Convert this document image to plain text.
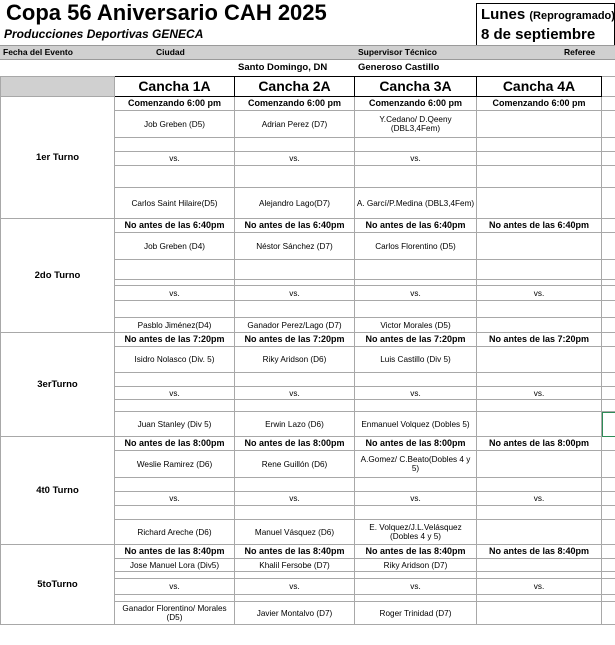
Copa 56 Aniversario CAH 2025
Producciones Deportivas GENECA
Lunes (Reprogramado)
8 de septiembre
Fecha del Evento	Ciudad	Supervisor Técnico	Referee
Santo Domingo, DN	Generoso Castillo
	Cancha 1A	Cancha 2A	Cancha 3A	Cancha 4A	
1er Turno	Comenzando 6:00 pm	Comenzando 6:00 pm	Comenzando 6:00 pm	Comenzando 6:00 pm	
	Job Greben (D5)	Adrian Perez (D7)	Y.Cedano/ D.Qeeny (DBL3,4Fem)		

	vs.	vs.	vs.		

	Carlos Saint Hilaire(D5)	Alejandro Lago(D7)	A. Garcí/P.Medina (DBL3,4Fem)		
2do Turno	No antes de las 6:40pm	No antes de las 6:40pm	No antes de las 6:40pm	No antes de las 6:40pm	
	Job Greben (D4)	Néstor Sánchez (D7)	Carlos Florentino (D5)		

	vs.	vs.	vs.	vs.	

	Pasblo Jiménez(D4)	Ganador Perez/Lago (D7)	Victor Morales (D5)		
3erTurno	No antes de las 7:20pm	No antes de las 7:20pm	No antes de las 7:20pm	No antes de las 7:20pm	
	Isidro Nolasco (Div. 5)	Riky Aridson (D6)	Luis Castillo (Div 5)		

	vs.	vs.	vs.	vs.	

	Juan Stanley (Div 5)	Erwin Lazo (D6)	Enmanuel Volquez (Dobles 5)		
4t0 Turno	No antes de las 8:00pm	No antes de las 8:00pm	No antes de las 8:00pm	No antes de las 8:00pm	
	Weslie Ramirez (D6)	Rene Guillón (D6)	A.Gomez/ C.Beato(Dobles 4 y 5)		

	vs.	vs.	vs.	vs.	

	Richard Areche (D6)	Manuel Vásquez (D6)	E. Volquez/J.L.Velásquez (Dobles 4 y 5)		
5toTurno	No antes de las 8:40pm	No antes de las 8:40pm	No antes de las 8:40pm	No antes de las 8:40pm	
	Jose Manuel Lora (Div5)	Khalil Fersobe (D7)	Riky Aridson (D7)		

	vs.	vs.	vs.	vs.	

	Ganador Florentino/ Morales (D5)	Javier Montalvo (D7)	Roger Trinidad (D7)		
